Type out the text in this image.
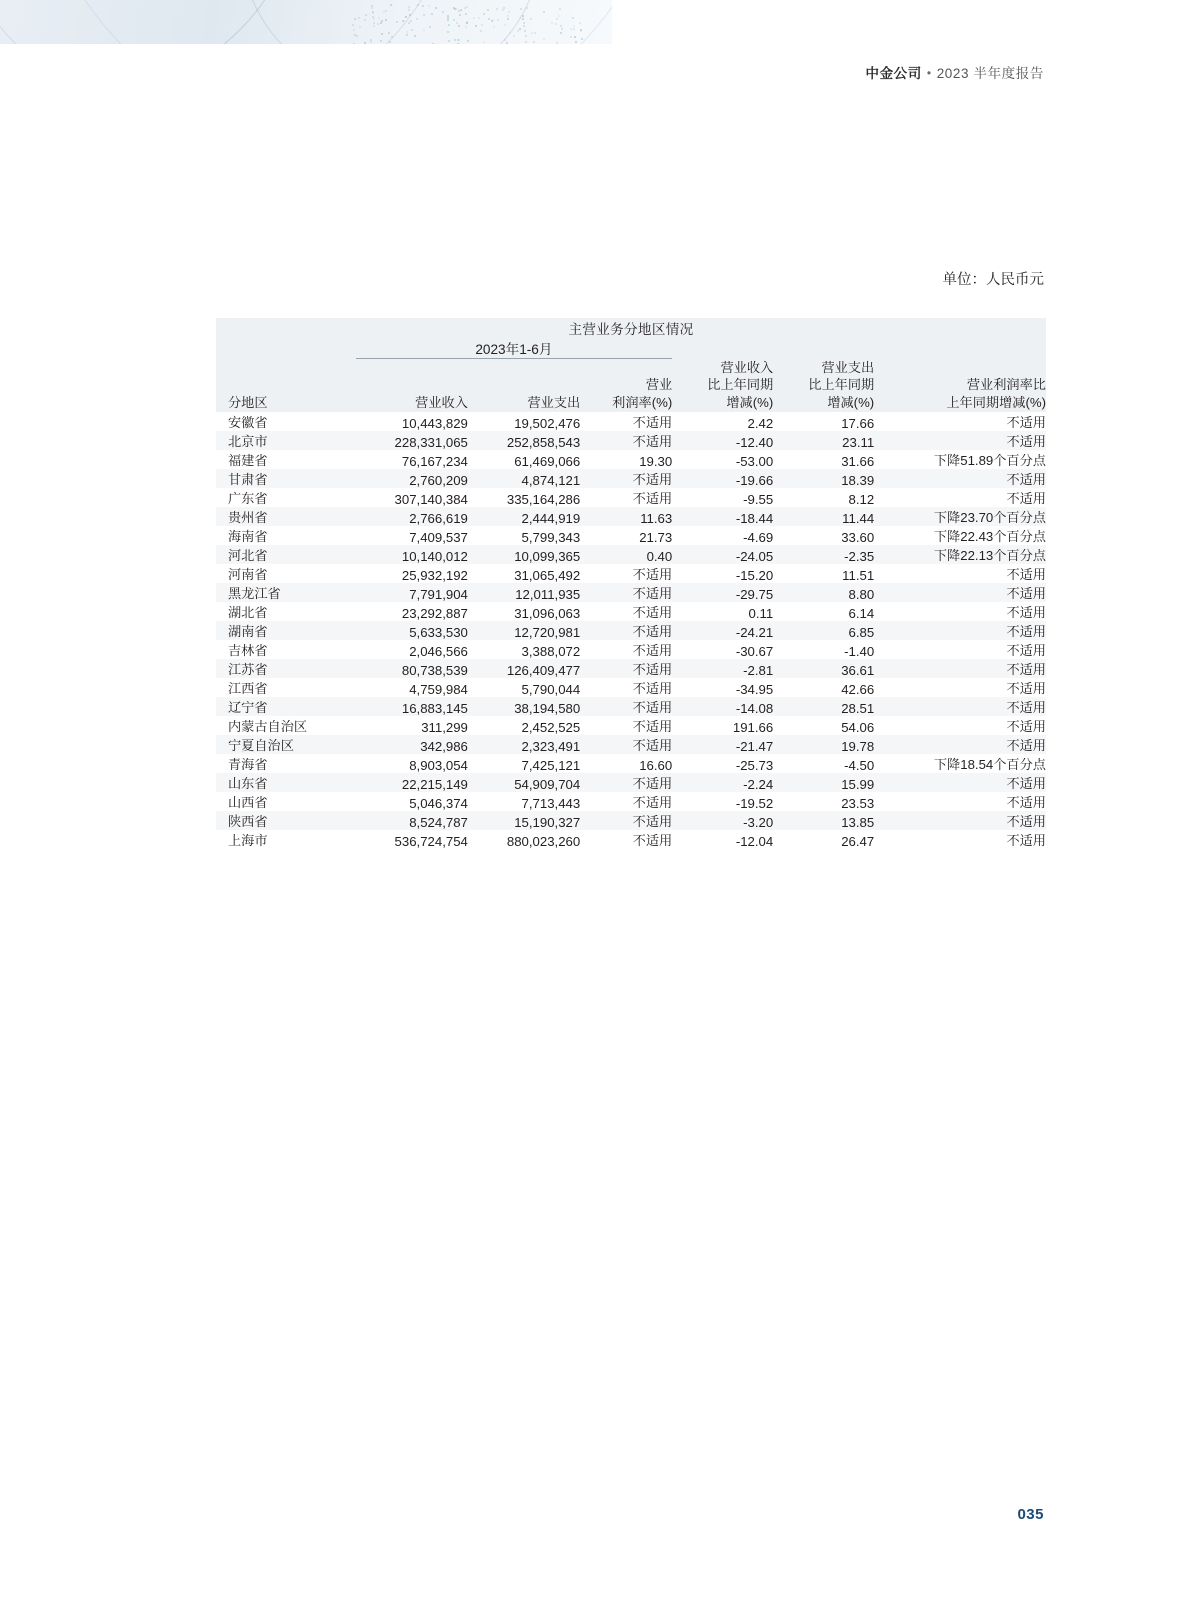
中金公司 • 2023 半年度报告
单位：人民币元
主营业务分地区情况						
	2023年1-6月					
分地区	营业收入	营业支出	营业
利润率(%)	营业收入
比上年同期
增减(%)	营业支出
比上年同期
增减(%)	营业利润率比
上年同期增减(%)
安徽省	10,443,829	19,502,476	不适用	2.42	17.66	不适用
北京市	228,331,065	252,858,543	不适用	-12.40	23.11	不适用
福建省	76,167,234	61,469,066	19.30	-53.00	31.66	下降51.89个百分点
甘肃省	2,760,209	4,874,121	不适用	-19.66	18.39	不适用
广东省	307,140,384	335,164,286	不适用	-9.55	8.12	不适用
贵州省	2,766,619	2,444,919	11.63	-18.44	11.44	下降23.70个百分点
海南省	7,409,537	5,799,343	21.73	-4.69	33.60	下降22.43个百分点
河北省	10,140,012	10,099,365	0.40	-24.05	-2.35	下降22.13个百分点
河南省	25,932,192	31,065,492	不适用	-15.20	11.51	不适用
黑龙江省	7,791,904	12,011,935	不适用	-29.75	8.80	不适用
湖北省	23,292,887	31,096,063	不适用	0.11	6.14	不适用
湖南省	5,633,530	12,720,981	不适用	-24.21	6.85	不适用
吉林省	2,046,566	3,388,072	不适用	-30.67	-1.40	不适用
江苏省	80,738,539	126,409,477	不适用	-2.81	36.61	不适用
江西省	4,759,984	5,790,044	不适用	-34.95	42.66	不适用
辽宁省	16,883,145	38,194,580	不适用	-14.08	28.51	不适用
内蒙古自治区	311,299	2,452,525	不适用	191.66	54.06	不适用
宁夏自治区	342,986	2,323,491	不适用	-21.47	19.78	不适用
青海省	8,903,054	7,425,121	16.60	-25.73	-4.50	下降18.54个百分点
山东省	22,215,149	54,909,704	不适用	-2.24	15.99	不适用
山西省	5,046,374	7,713,443	不适用	-19.52	23.53	不适用
陕西省	8,524,787	15,190,327	不适用	-3.20	13.85	不适用
上海市	536,724,754	880,023,260	不适用	-12.04	26.47	不适用
035
